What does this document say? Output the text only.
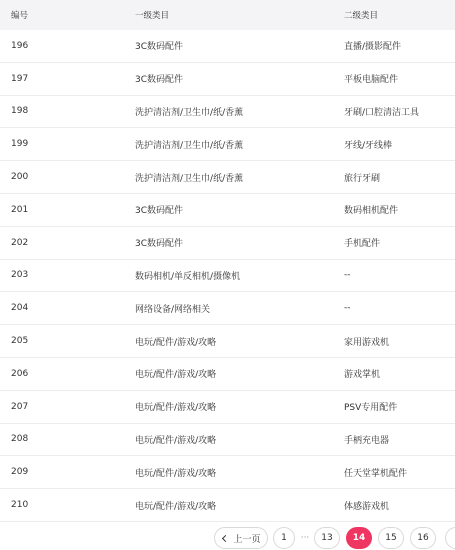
编号	一级类目	二级类目
196	3C数码配件	直播/摄影配件
197	3C数码配件	平板电脑配件
198	洗护清洁剂/卫生巾/纸/香薰	牙刷/口腔清洁工具
199	洗护清洁剂/卫生巾/纸/香薰	牙线/牙线棒
200	洗护清洁剂/卫生巾/纸/香薰	旅行牙刷
201	3C数码配件	数码相机配件
202	3C数码配件	手机配件
203	数码相机/单反相机/摄像机	--
204	网络设备/网络相关	--
205	电玩/配件/游戏/攻略	家用游戏机
206	电玩/配件/游戏/攻略	游戏掌机
207	电玩/配件/游戏/攻略	PSV专用配件
208	电玩/配件/游戏/攻略	手柄充电器
209	电玩/配件/游戏/攻略	任天堂掌机配件
210	电玩/配件/游戏/攻略	体感游戏机
上一页	1	···	13	14	15	16
